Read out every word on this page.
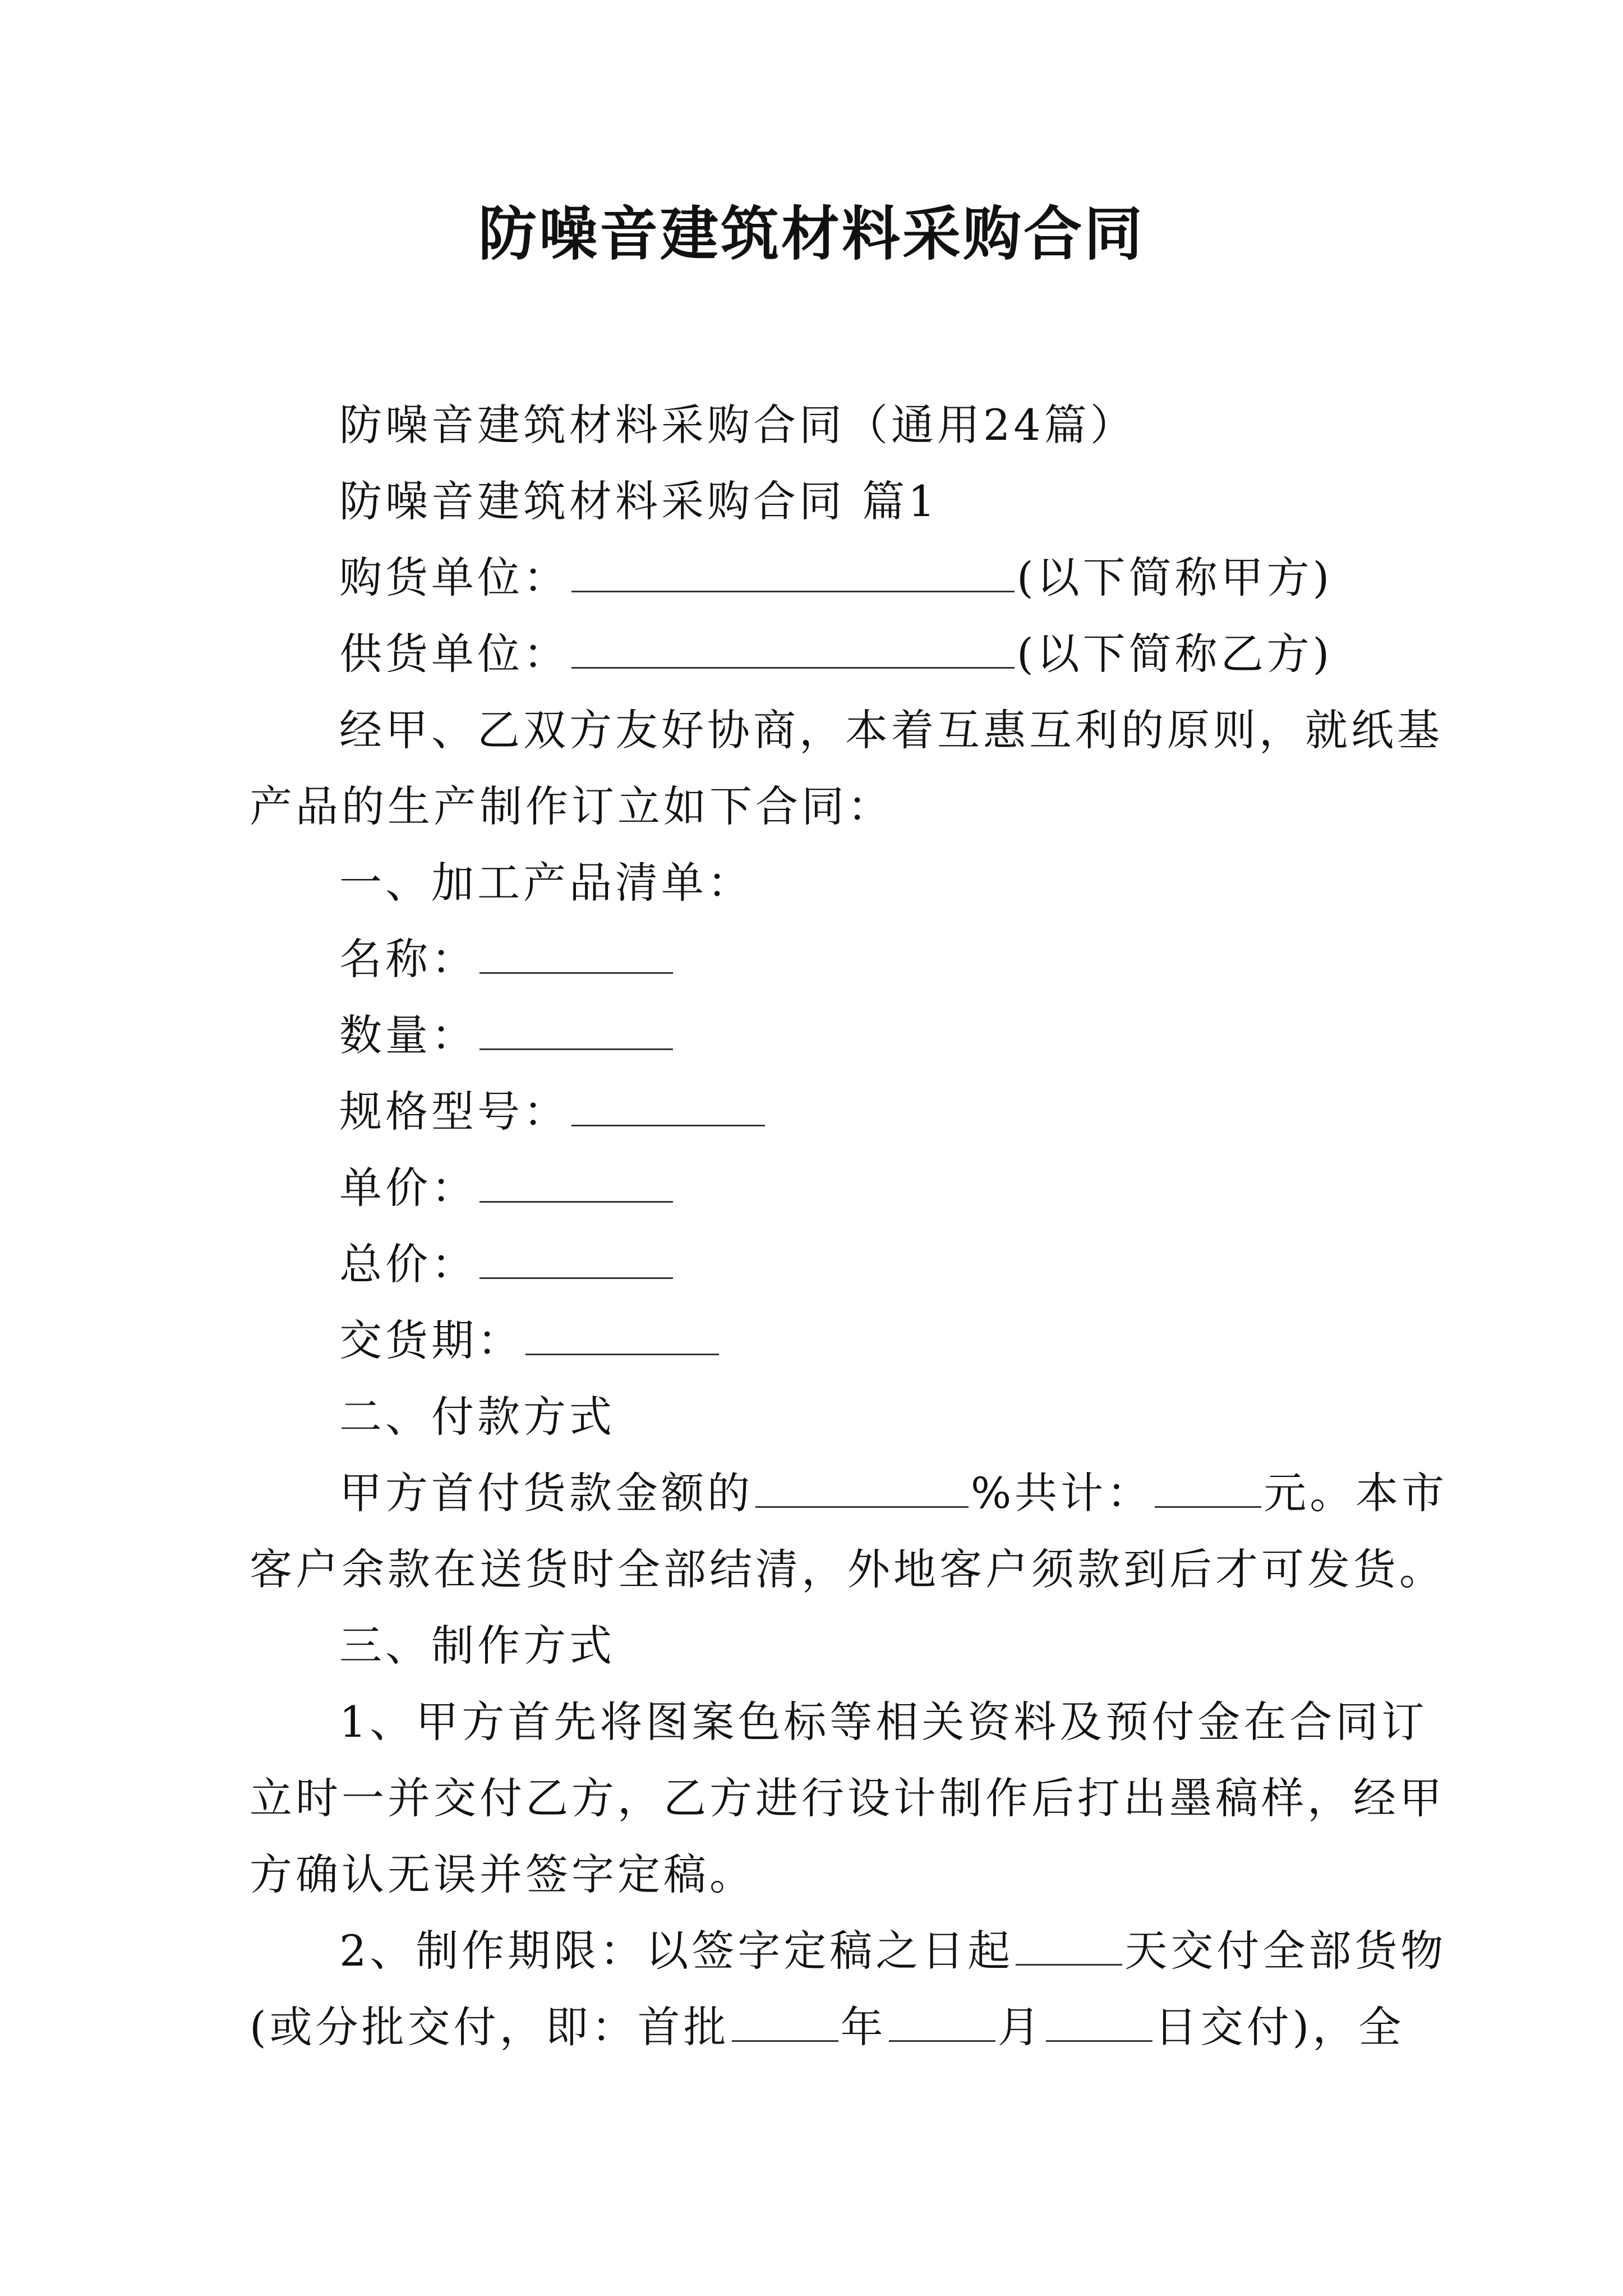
防噪音建筑材料采购合同

防噪音建筑材料采购合同（通用24篇）

防噪音建筑材料采购合同 篇1

购货单位：	(以下简称甲方)

供货单位：	(以下简称乙方)

经甲、乙双方友好协商，本着互惠互利的原则，就纸基

产品的生产制作订立如下合同：

一、加工产品清单：

名称：

数量：

规格型号：

单价：

总价：

交货期：

二、付款方式

甲方首付货款金额的	%共计：	元。本市

客户余款在送货时全部结清，外地客户须款到后才可发货。

三、制作方式

1、甲方首先将图案色标等相关资料及预付金在合同订

立时一并交付乙方，乙方进行设计制作后打出墨稿样，经甲

方确认无误并签字定稿。

2、制作期限：以签字定稿之日起	天交付全部货物

(或分批交付，即：首批	年	月	日交付)，全
